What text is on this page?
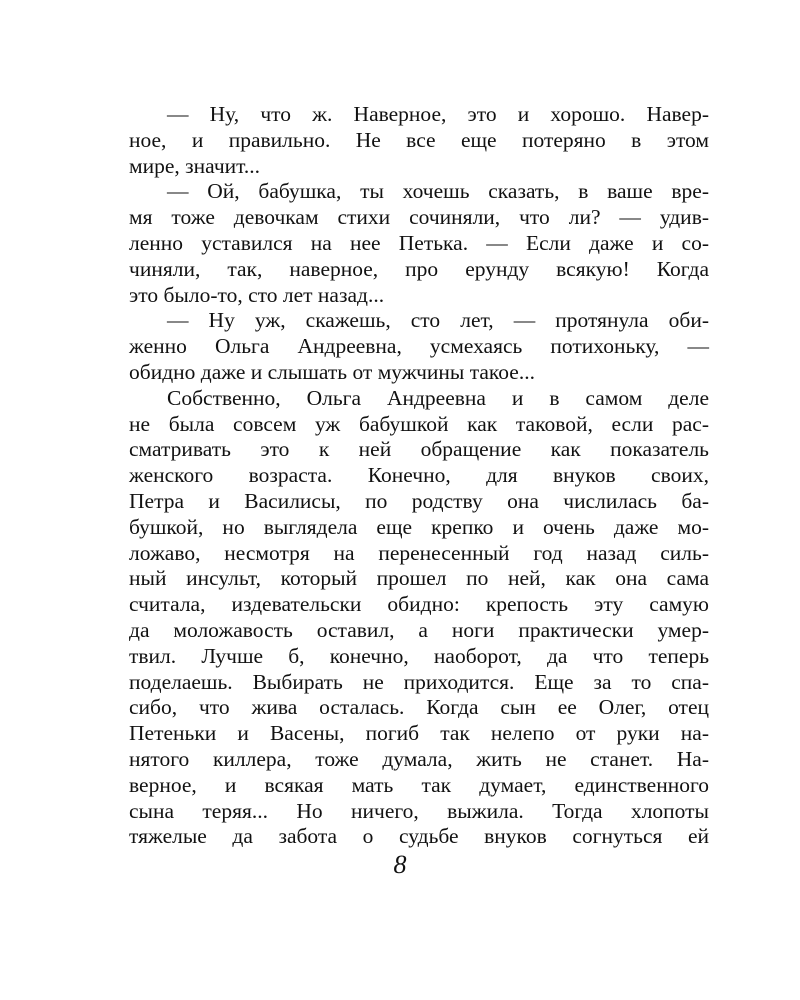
— Ну, что ж. Наверное, это и хорошо. Навер-
ное, и правильно. Не все еще потеряно в этом
мире, значит...
— Ой, бабушка, ты хочешь сказать, в ваше вре-
мя тоже девочкам стихи сочиняли, что ли? — удив-
ленно уставился на нее Петька. — Если даже и со-
чиняли, так, наверное, про ерунду всякую! Когда
это было-то, сто лет назад...
— Ну уж, скажешь, сто лет, — протянула оби-
женно Ольга Андреевна, усмехаясь потихоньку, —
обидно даже и слышать от мужчины такое...
Собственно, Ольга Андреевна и в самом деле
не была совсем уж бабушкой как таковой, если рас-
сматривать это к ней обращение как показатель
женского возраста. Конечно, для внуков своих,
Петра и Василисы, по родству она числилась ба-
бушкой, но выглядела еще крепко и очень даже мо-
ложаво, несмотря на перенесенный год назад силь-
ный инсульт, который прошел по ней, как она сама
считала, издевательски обидно: крепость эту самую
да моложавость оставил, а ноги практически умер-
твил. Лучше б, конечно, наоборот, да что теперь
поделаешь. Выбирать не приходится. Еще за то спа-
сибо, что жива осталась. Когда сын ее Олег, отец
Петеньки и Васены, погиб так нелепо от руки на-
нятого киллера, тоже думала, жить не станет. На-
верное, и всякая мать так думает, единственного
сына теряя... Но ничего, выжила. Тогда хлопоты
тяжелые да забота о судьбе внуков согнуться ей
8
